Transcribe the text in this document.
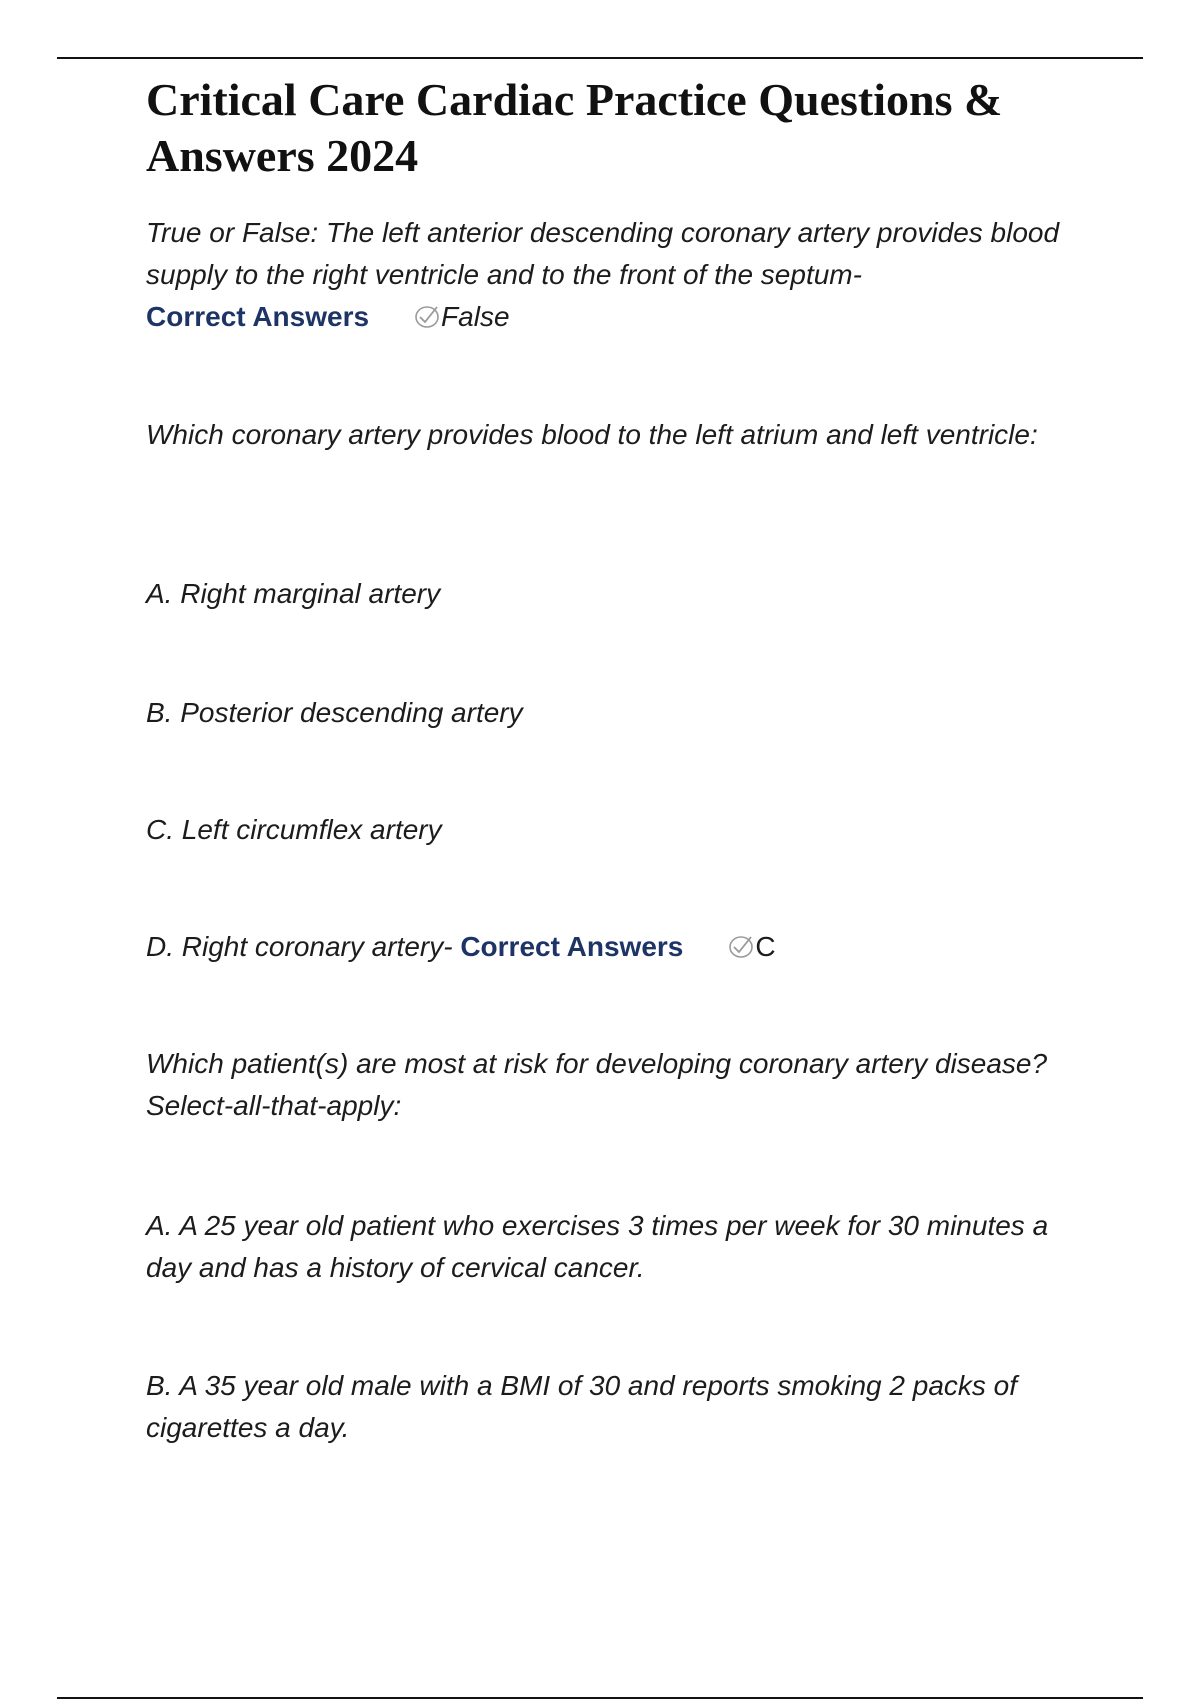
Critical Care Cardiac Practice Questions & Answers 2024

True or False: The left anterior descending coronary artery provides blood supply to the right ventricle and to the front of the septum-
Correct Answers	False

Which coronary artery provides blood to the left atrium and left ventricle:

A. Right marginal artery

B. Posterior descending artery

C. Left circumflex artery

D. Right coronary artery- Correct Answers	C

Which patient(s) are most at risk for developing coronary artery disease? Select-all-that-apply:

A. A 25 year old patient who exercises 3 times per week for 30 minutes a day and has a history of cervical cancer.

B. A 35 year old male with a BMI of 30 and reports smoking 2 packs of cigarettes a day.
